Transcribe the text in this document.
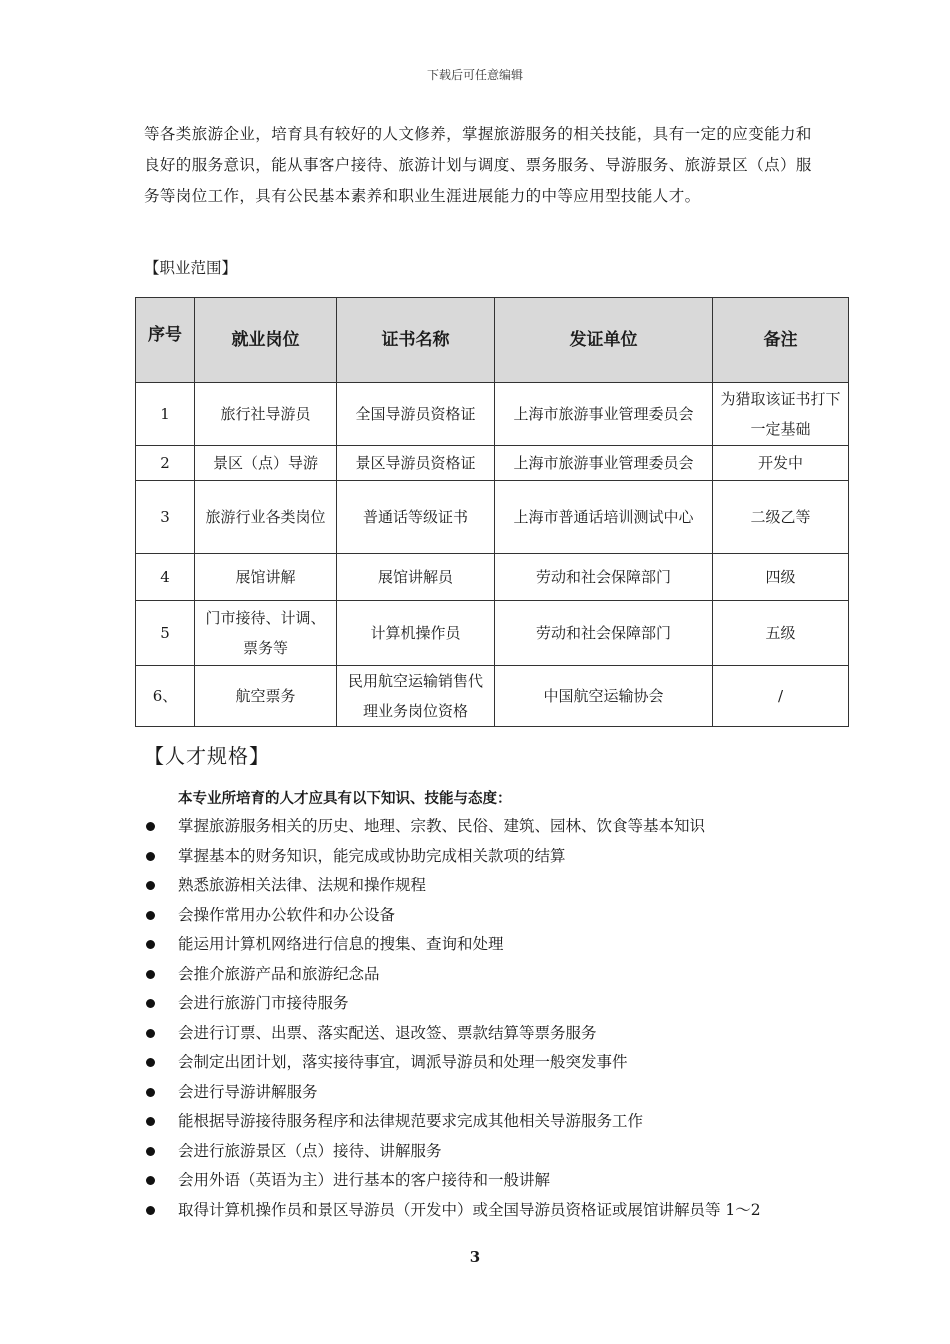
下载后可任意编辑

等各类旅游企业，培育具有较好的人文修养，掌握旅游服务的相关技能，具有一定的应变能力和良好的服务意识，能从事客户接待、旅游计划与调度、票务服务、导游服务、旅游景区（点）服务等岗位工作，具有公民基本素养和职业生涯进展能力的中等应用型技能人才。

【职业范围】
序号	就业岗位	证书名称	发证单位	备注
1	旅行社导游员	全国导游员资格证	上海市旅游事业管理委员会	为猎取该证书打下一定基础
2	景区（点）导游	景区导游员资格证	上海市旅游事业管理委员会	开发中
3	旅游行业各类岗位	普通话等级证书	上海市普通话培训测试中心	二级乙等
4	展馆讲解	展馆讲解员	劳动和社会保障部门	四级
5	门市接待、计调、票务等	计算机操作员	劳动和社会保障部门	五级
6、	航空票务	民用航空运输销售代理业务岗位资格	中国航空运输协会	/
【人才规格】
本专业所培育的人才应具有以下知识、技能与态度：
掌握旅游服务相关的历史、地理、宗教、民俗、建筑、园林、饮食等基本知识
掌握基本的财务知识，能完成或协助完成相关款项的结算
熟悉旅游相关法律、法规和操作规程
会操作常用办公软件和办公设备
能运用计算机网络进行信息的搜集、查询和处理
会推介旅游产品和旅游纪念品
会进行旅游门市接待服务
会进行订票、出票、落实配送、退改签、票款结算等票务服务
会制定出团计划，落实接待事宜，调派导游员和处理一般突发事件
会进行导游讲解服务
能根据导游接待服务程序和法律规范要求完成其他相关导游服务工作
会进行旅游景区（点）接待、讲解服务
会用外语（英语为主）进行基本的客户接待和一般讲解
取得计算机操作员和景区导游员（开发中）或全国导游员资格证或展馆讲解员等 1～2
3
